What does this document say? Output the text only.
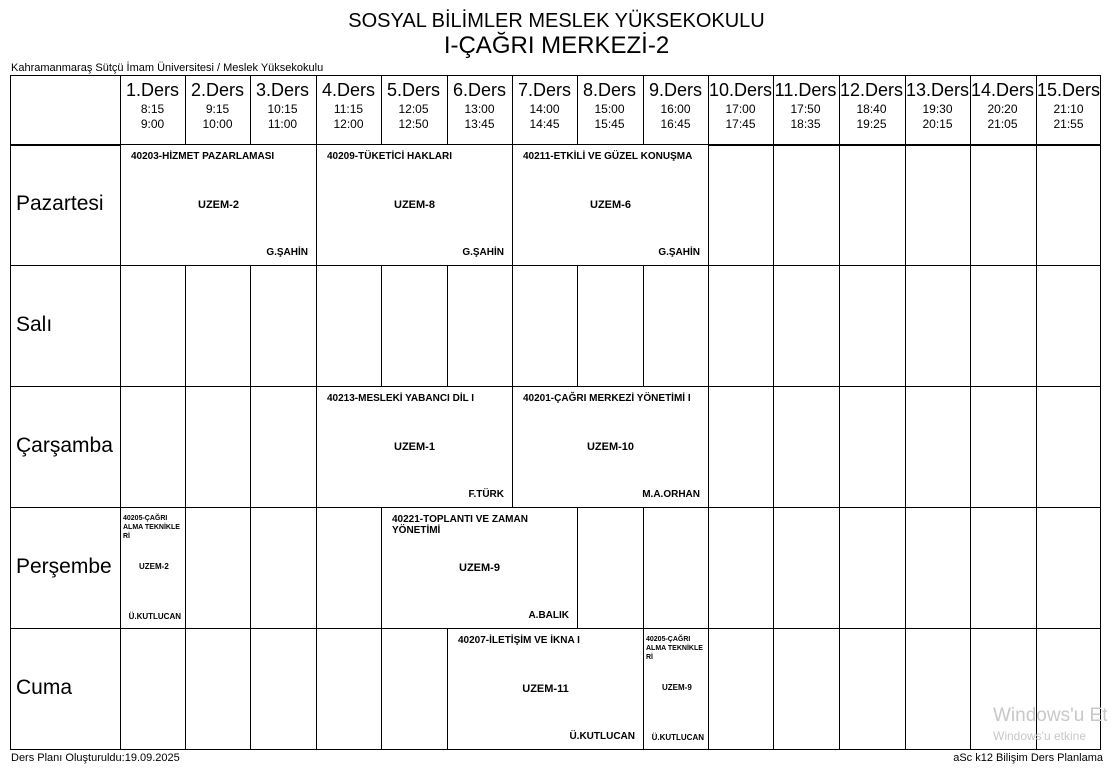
SOSYAL BİLİMLER MESLEK YÜKSEKOKULU
I-ÇAĞRI MERKEZİ-2
Kahramanmaraş Sütçü İmam Üniversitesi / Meslek Yüksekokulu
1.Ders
8:15
9:00
2.Ders
9:15
10:00
3.Ders
10:15
11:00
4.Ders
11:15
12:00
5.Ders
12:05
12:50
6.Ders
13:00
13:45
7.Ders
14:00
14:45
8.Ders
15:00
15:45
9.Ders
16:00
16:45
10.Ders
17:00
17:45
11.Ders
17:50
18:35
12.Ders
18:40
19:25
13.Ders
19:30
20:15
14.Ders
20:20
21:05
15.Ders
21:10
21:55
Pazartesi
Salı
Çarşamba
Perşembe
Cuma
40203-HİZMET PAZARLAMASI
UZEM-2
G.ŞAHİN
40209-TÜKETİCİ HAKLARI
UZEM-8
G.ŞAHİN
40211-ETKİLİ VE GÜZEL KONUŞMA
UZEM-6
G.ŞAHİN
40213-MESLEKİ YABANCI DİL I
UZEM-1
F.TÜRK
40201-ÇAĞRI MERKEZİ YÖNETİMİ I
UZEM-10
M.A.ORHAN
40205-ÇAĞRI ALMA TEKNİKLE Rİ
UZEM-2
Ü.KUTLUCAN
40221-TOPLANTI VE ZAMAN YÖNETİMİ
UZEM-9
A.BALIK
40207-İLETİŞİM VE İKNA I
UZEM-11
Ü.KUTLUCAN
40205-ÇAĞRI ALMA TEKNİKLE Rİ
UZEM-9
Ü.KUTLUCAN
Ders Planı Oluşturuldu:19.09.2025	aSc k12 Bilişim Ders Planlama
Windows'u Et
Windows'u etkine
